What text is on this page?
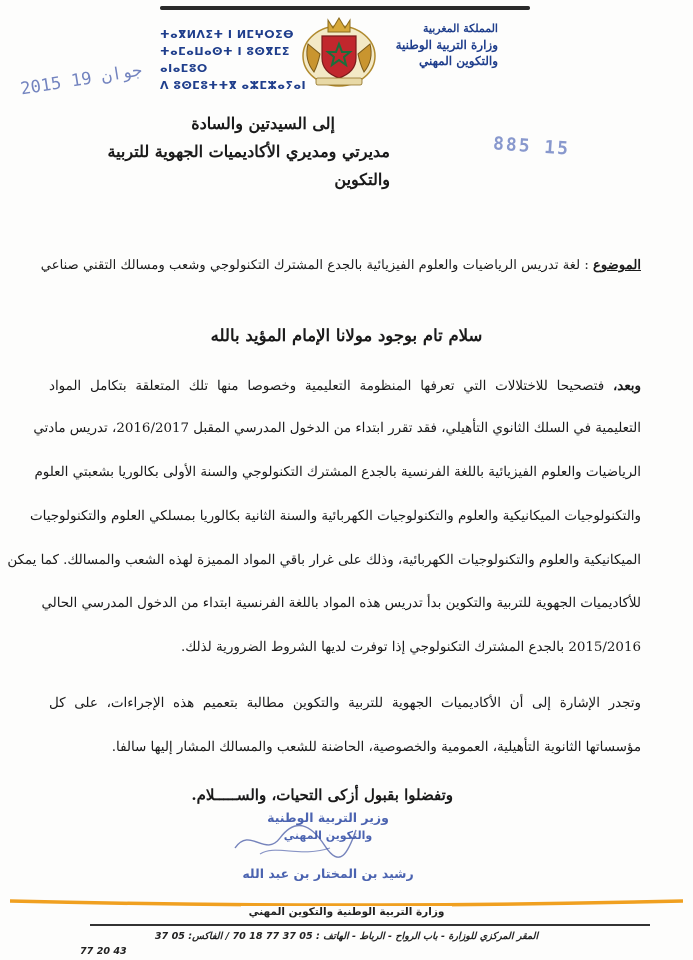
المملكة المغربية
وزارة التربية الوطنية
والتكوين المهني
ⵜⴰⴳⵍⴷⵉⵜ ⵏ ⵍⵎⵖⵔⵉⴱ
ⵜⴰⵎⴰⵡⴰⵙⵜ ⵏ ⵓⵙⴳⵎⵉ ⴰⵏⴰⵎⵓⵔ
ⴷ ⵓⵙⵎⵓⵜⵜⴳ ⴰⵣⵎⵣⴰⵢⴰⵏ
2015 جوان 19
885 15
إلى السيدتين والسادة
مديرتي ومديري الأكاديميات الجهوية للتربية والتكوين
الموضوع : لغة تدريس الرياضيات والعلوم الفيزيائية بالجدع المشترك التكنولوجي وشعب ومسالك التقني صناعي
سلام تام بوجود مولانا الإمام المؤيد بالله
وبعد، فتصحيحا للاختلالات التي تعرفها المنظومة التعليمية وخصوصا منها تلك المتعلقة بتكامل المواد
التعليمية في السلك الثانوي التأهيلي، فقد تقرر ابتداء من الدخول المدرسي المقبل 2016/2017، تدريس مادتي
الرياضيات والعلوم الفيزيائية باللغة الفرنسية بالجدع المشترك التكنولوجي والسنة الأولى بكالوريا بشعبتي العلوم
والتكنولوجيات الميكانيكية والعلوم والتكنولوجيات الكهربائية والسنة الثانية بكالوريا بمسلكي العلوم والتكنولوجيات
الميكانيكية والعلوم والتكنولوجيات الكهربائية، وذلك على غرار باقي المواد المميزة لهذه الشعب والمسالك. كما يمكن
للأكاديميات الجهوية للتربية والتكوين بدأ تدريس هذه المواد باللغة الفرنسية ابتداء من الدخول المدرسي الحالي
2015/2016 بالجدع المشترك التكنولوجي إذا توفرت لديها الشروط الضرورية لذلك.
وتجدر الإشارة إلى أن الأكاديميات الجهوية للتربية والتكوين مطالبة بتعميم هذه الإجراءات، على كل
مؤسساتها الثانوية التأهيلية، العمومية والخصوصية، الحاضنة للشعب والمسالك المشار إليها سالفا.
وتفضلوا بقبول أزكى التحيات، والســـــلام.
وزير التربية الوطنية
والتكوين المهني
رشيد بن المختار بن عبد الله
وزارة التربية الوطنية والتكوين المهني
المقر المركزي للوزارة - باب الرواح - الرباط - الهاتف : 05 37 77 18 70 / الفاكس: 05 37
77 20 43
